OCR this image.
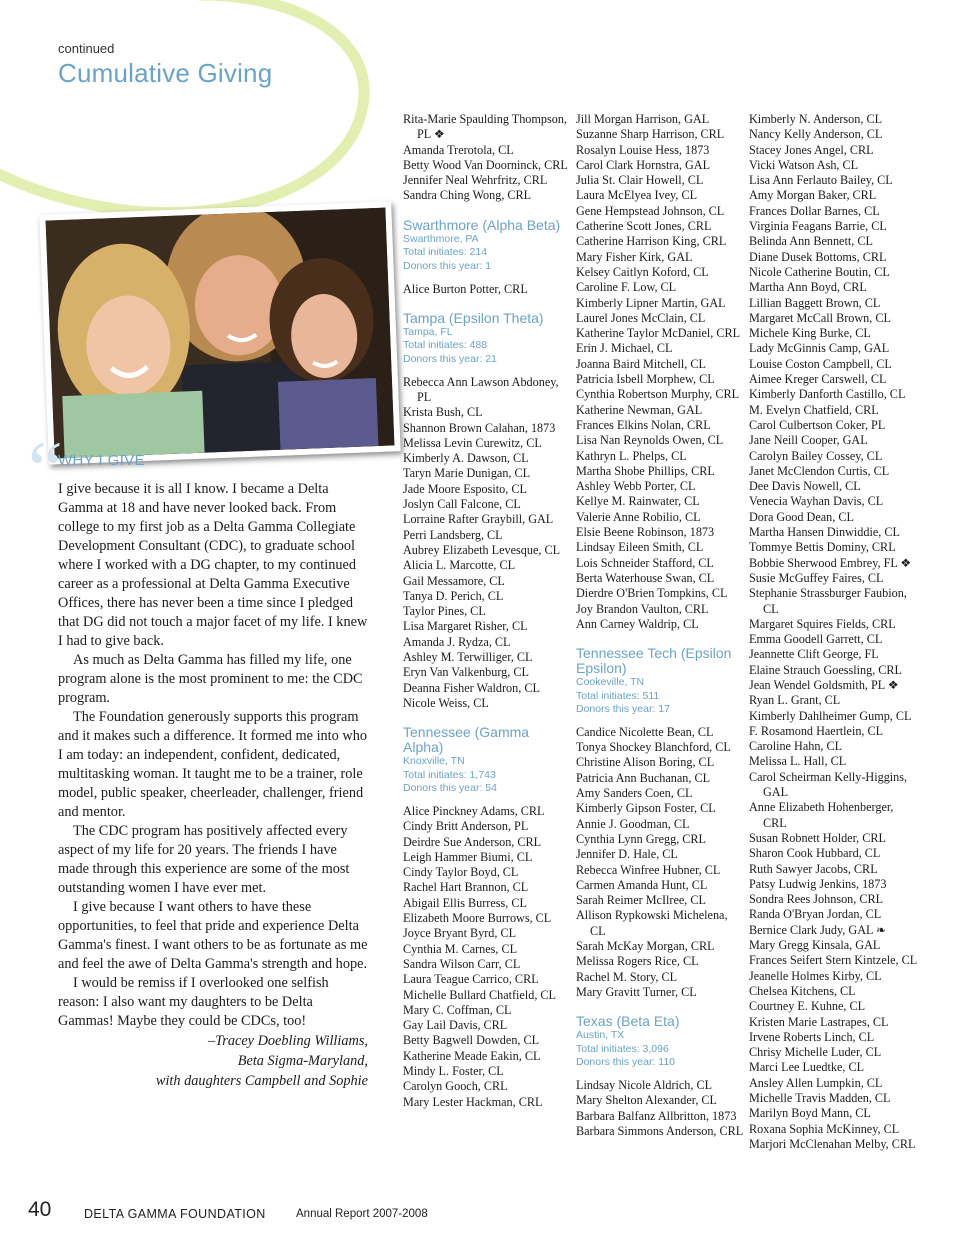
continued
Cumulative Giving
“
WHY I GIVE

I give because it is all I know. I became a Delta Gamma at 18 and have never looked back. From college to my first job as a Delta Gamma Collegiate Development Consultant (CDC), to graduate school where I worked with a DG chapter, to my continued career as a professional at Delta Gamma Executive Offices, there has never been a time since I pledged that DG did not touch a major facet of my life. I knew I had to give back.

As much as Delta Gamma has filled my life, one program alone is the most prominent to me: the CDC program.

The Foundation generously supports this program and it makes such a difference. It formed me into who I am today: an independent, confident, dedicated, multitasking woman. It taught me to be a trainer, role model, public speaker, cheerleader, challenger, friend and mentor.

The CDC program has positively affected every aspect of my life for 20 years. The friends I have made through this experience are some of the most outstanding women I have ever met.

I give because I want others to have these opportunities, to feel that pride and experience Delta Gamma's finest. I want others to be as fortunate as me and feel the awe of Delta Gamma's strength and hope.

I would be remiss if I overlooked one selfish reason: I also want my daughters to be Delta Gammas! Maybe they could be CDCs, too!

–Tracey Doebling Williams,
Beta Sigma-Maryland,
with daughters Campbell and Sophie
Rita-Marie Spaulding Thompson, PL ❖
Amanda Trerotola, CL
Betty Wood Van Doorninck, CRL
Jennifer Neal Wehrfritz, CRL
Sandra Ching Wong, CRL
Swarthmore (Alpha Beta)
Swarthmore, PA
Total initiates: 214
Donors this year: 1
Alice Burton Potter, CRL
Tampa (Epsilon Theta)
Tampa, FL
Total initiates: 488
Donors this year: 21
Rebecca Ann Lawson Abdoney, PL
Krista Bush, CL
Shannon Brown Calahan, 1873
Melissa Levin Curewitz, CL
Kimberly A. Dawson, CL
Taryn Marie Dunigan, CL
Jade Moore Esposito, CL
Joslyn Call Falcone, CL
Lorraine Rafter Graybill, GAL
Perri Landsberg, CL
Aubrey Elizabeth Levesque, CL
Alicia L. Marcotte, CL
Gail Messamore, CL
Tanya D. Perich, CL
Taylor Pines, CL
Lisa Margaret Risher, CL
Amanda J. Rydza, CL
Ashley M. Terwilliger, CL
Eryn Van Valkenburg, CL
Deanna Fisher Waldron, CL
Nicole Weiss, CL
Tennessee (Gamma Alpha)
Knoxville, TN
Total initiates: 1,743
Donors this year: 54
Alice Pinckney Adams, CRL
Cindy Britt Anderson, PL
Deirdre Sue Anderson, CRL
Leigh Hammer Biumi, CL
Cindy Taylor Boyd, CL
Rachel Hart Brannon, CL
Abigail Ellis Burress, CL
Elizabeth Moore Burrows, CL
Joyce Bryant Byrd, CL
Cynthia M. Carnes, CL
Sandra Wilson Carr, CL
Laura Teague Carrico, CRL
Michelle Bullard Chatfield, CL
Mary C. Coffman, CL
Gay Lail Davis, CRL
Betty Bagwell Dowden, CL
Katherine Meade Eakin, CL
Mindy L. Foster, CL
Carolyn Gooch, CRL
Mary Lester Hackman, CRL
Jill Morgan Harrison, GAL
Suzanne Sharp Harrison, CRL
Rosalyn Louise Hess, 1873
Carol Clark Hornstra, GAL
Julia St. Clair Howell, CL
Laura McElyea Ivey, CL
Gene Hempstead Johnson, CL
Catherine Scott Jones, CRL
Catherine Harrison King, CRL
Mary Fisher Kirk, GAL
Kelsey Caitlyn Koford, CL
Caroline F. Low, CL
Kimberly Lipner Martin, GAL
Laurel Jones McClain, CL
Katherine Taylor McDaniel, CRL
Erin J. Michael, CL
Joanna Baird Mitchell, CL
Patricia Isbell Morphew, CL
Cynthia Robertson Murphy, CRL
Katherine Newman, GAL
Frances Elkins Nolan, CRL
Lisa Nan Reynolds Owen, CL
Kathryn L. Phelps, CL
Martha Shobe Phillips, CRL
Ashley Webb Porter, CL
Kellye M. Rainwater, CL
Valerie Anne Robilio, CL
Elsie Beene Robinson, 1873
Lindsay Eileen Smith, CL
Lois Schneider Stafford, CL
Berta Waterhouse Swan, CL
Dierdre O'Brien Tompkins, CL
Joy Brandon Vaulton, CRL
Ann Carney Waldrip, CL
Tennessee Tech (Epsilon Epsilon)
Cookeville, TN
Total initiates: 511
Donors this year: 17
Candice Nicolette Bean, CL
Tonya Shockey Blanchford, CL
Christine Alison Boring, CL
Patricia Ann Buchanan, CL
Amy Sanders Coen, CL
Kimberly Gipson Foster, CL
Annie J. Goodman, CL
Cynthia Lynn Gregg, CRL
Jennifer D. Hale, CL
Rebecca Winfree Hubner, CL
Carmen Amanda Hunt, CL
Sarah Reimer McIlree, CL
Allison Rypkowski Michelena, CL
Sarah McKay Morgan, CRL
Melissa Rogers Rice, CL
Rachel M. Story, CL
Mary Gravitt Turner, CL
Texas (Beta Eta)
Austin, TX
Total initiates: 3,096
Donors this year: 110
Lindsay Nicole Aldrich, CL
Mary Shelton Alexander, CL
Barbara Balfanz Allbritton, 1873
Barbara Simmons Anderson, CRL
Kimberly N. Anderson, CL
Nancy Kelly Anderson, CL
Stacey Jones Angel, CRL
Vicki Watson Ash, CL
Lisa Ann Ferlauto Bailey, CL
Amy Morgan Baker, CRL
Frances Dollar Barnes, CL
Virginia Feagans Barrie, CL
Belinda Ann Bennett, CL
Diane Dusek Bottoms, CRL
Nicole Catherine Boutin, CL
Martha Ann Boyd, CRL
Lillian Baggett Brown, CL
Margaret McCall Brown, CL
Michele King Burke, CL
Lady McGinnis Camp, GAL
Louise Coston Campbell, CL
Aimee Kreger Carswell, CL
Kimberly Danforth Castillo, CL
M. Evelyn Chatfield, CRL
Carol Culbertson Coker, PL
Jane Neill Cooper, GAL
Carolyn Bailey Cossey, CL
Janet McClendon Curtis, CL
Dee Davis Nowell, CL
Venecia Wayhan Davis, CL
Dora Good Dean, CL
Martha Hansen Dinwiddie, CL
Tommye Bettis Dominy, CRL
Bobbie Sherwood Embrey, FL ❖
Susie McGuffey Faires, CL
Stephanie Strassburger Faubion, CL
Margaret Squires Fields, CRL
Emma Goodell Garrett, CL
Jeannette Clift George, FL
Elaine Strauch Goessling, CRL
Jean Wendel Goldsmith, PL ❖
Ryan L. Grant, CL
Kimberly Dahlheimer Gump, CL
F. Rosamond Haertlein, CL
Caroline Hahn, CL
Melissa L. Hall, CL
Carol Scheirman Kelly-Higgins, GAL
Anne Elizabeth Hohenberger, CRL
Susan Robnett Holder, CRL
Sharon Cook Hubbard, CL
Ruth Sawyer Jacobs, CRL
Patsy Ludwig Jenkins, 1873
Sondra Rees Johnson, CRL
Randa O'Bryan Jordan, CL
Bernice Clark Judy, GAL ❧
Mary Gregg Kinsala, GAL
Frances Seifert Stern Kintzele, CL
Jeanelle Holmes Kirby, CL
Chelsea Kitchens, CL
Courtney E. Kuhne, CL
Kristen Marie Lastrapes, CL
Irvene Roberts Linch, CL
Chrisy Michelle Luder, CL
Marci Lee Luedtke, CL
Ansley Allen Lumpkin, CL
Michelle Travis Madden, CL
Marilyn Boyd Mann, CL
Roxana Sophia McKinney, CL
Marjori McClenahan Melby, CRL
40	DELTA GAMMA FOUNDATION	Annual Report 2007-2008
